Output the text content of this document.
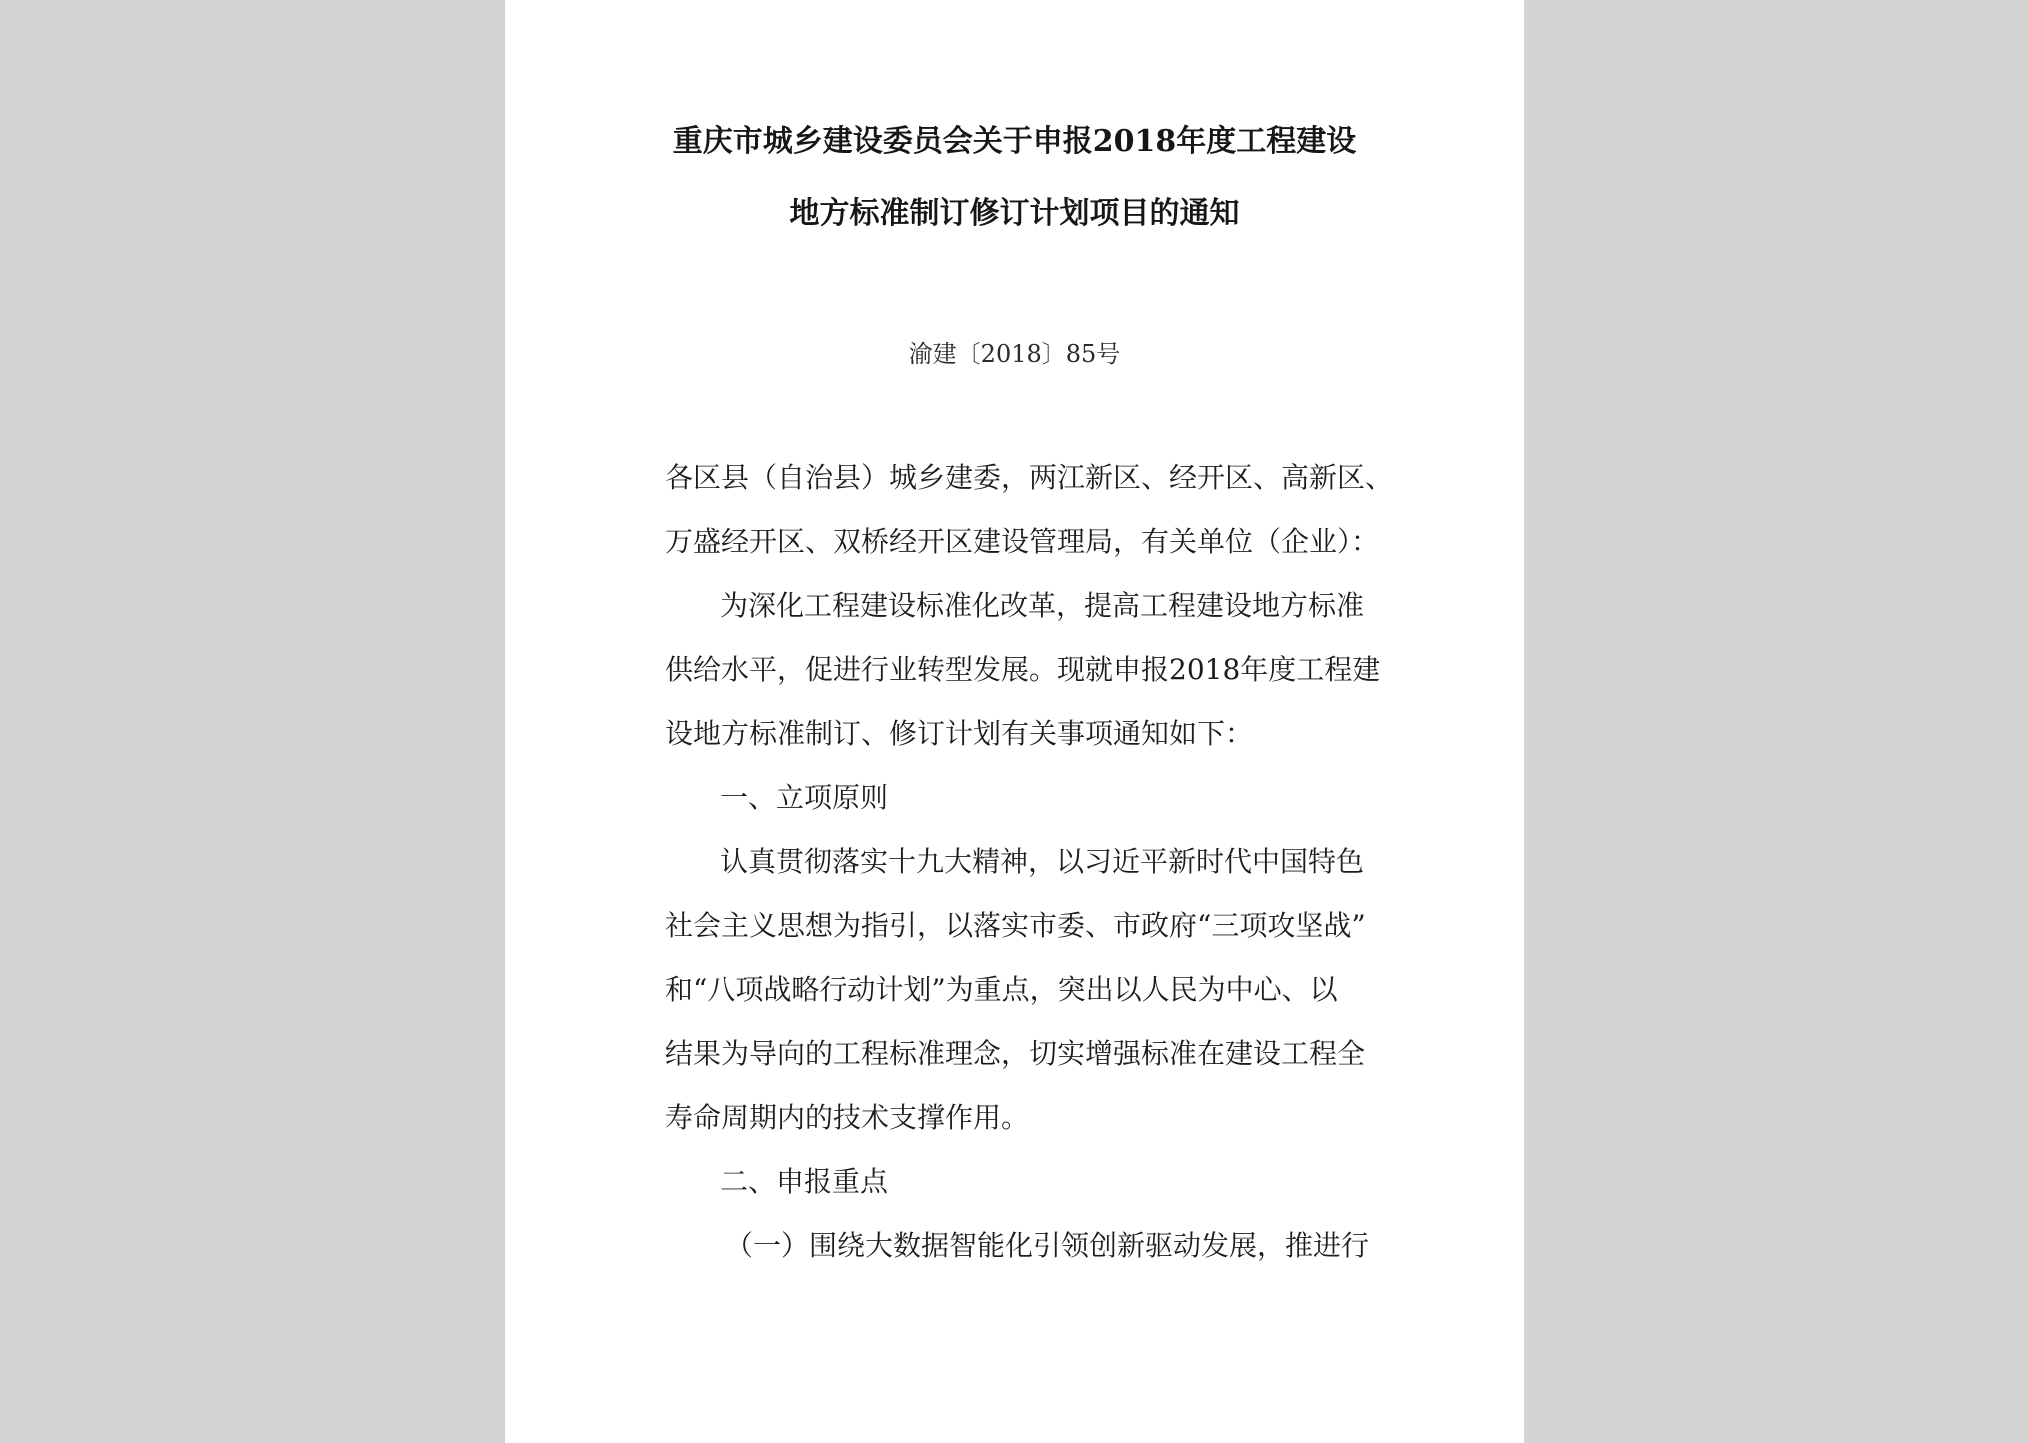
重庆市城乡建设委员会关于申报2018年度工程建设
地方标准制订修订计划项目的通知
渝建〔2018〕85号
各区县（自治县）城乡建委，两江新区、经开区、高新区、
万盛经开区、双桥经开区建设管理局，有关单位（企业）：
为深化工程建设标准化改革，提高工程建设地方标准
供给水平，促进行业转型发展。现就申报2018年度工程建
设地方标准制订、修订计划有关事项通知如下：
一、立项原则
认真贯彻落实十九大精神，以习近平新时代中国特色
社会主义思想为指引，以落实市委、市政府“三项攻坚战”
和“八项战略行动计划”为重点，突出以人民为中心、以
结果为导向的工程标准理念，切实增强标准在建设工程全
寿命周期内的技术支撑作用。
二、申报重点
（一）围绕大数据智能化引领创新驱动发展，推进行
